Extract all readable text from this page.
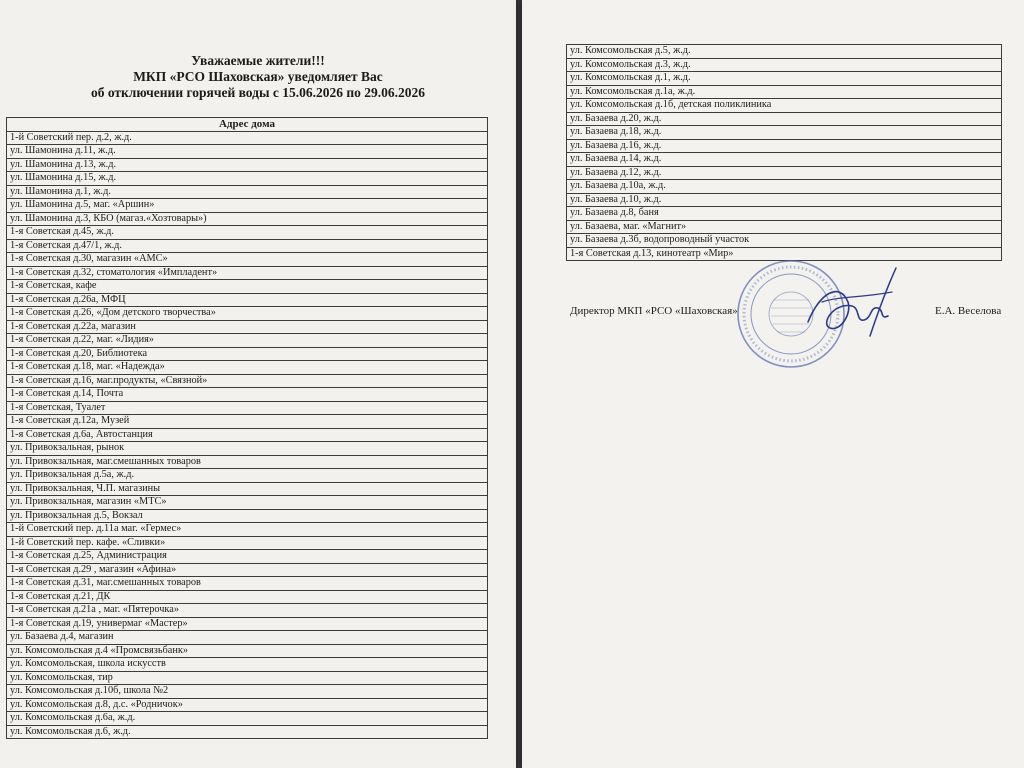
Уважаемые жители!!!
МКП «РСО Шаховская» уведомляет Вас
об отключении горячей воды с 15.06.2026 по 29.06.2026
Адрес дома
1-й Советский пер. д.2, ж.д.
ул. Шамонина д.11, ж.д.
ул. Шамонина д.13, ж.д.
ул. Шамонина д.15, ж.д.
ул. Шамонина д.1, ж.д.
ул. Шамонина д.5, маг. «Аршин»
ул. Шамонина д.3, КБО (магаз.«Хозтовары»)
1-я Советская д.45, ж.д.
1-я Советская д.47/1, ж.д.
1-я Советская д.30, магазин «АМС»
1-я Советская д.32, стоматология «Импладент»
1-я Советская, кафе
1-я Советская д.26а, МФЦ
1-я Советская д.26, «Дом детского творчества»
1-я Советская д.22а, магазин
1-я Советская д.22, маг. «Лидия»
1-я Советская д.20, Библиотека
1-я Советская д.18, маг. «Надежда»
1-я Советская д.16, маг.продукты, «Связной»
1-я Советская д.14, Почта
1-я Советская, Туалет
1-я Советская д.12а, Музей
1-я Советская д.6а, Автостанция
ул. Привокзальная, рынок
ул. Привокзальная, маг.смешанных товаров
ул. Привокзальная д.5а, ж.д.
ул. Привокзальная, Ч.П. магазины
ул. Привокзальная, магазин «МТС»
ул. Привокзальная д.5, Вокзал
1-й Советский пер. д.11а маг. «Гермес»
1-й Советский пер. кафе. «Сливки»
1-я Советская д.25, Администрация
1-я Советская д.29 , магазин «Афина»
1-я Советская д.31, маг.смешанных товаров
1-я Советская д.21, ДК
1-я Советская д.21а , маг. «Пятерочка»
1-я Советская д.19, универмаг «Мастер»
ул. Базаева д.4, магазин
ул. Комсомольская д.4 «Промсвязьбанк»
ул. Комсомольская, школа искусств
ул. Комсомольская, тир
ул. Комсомольская д.10б, школа №2
ул. Комсомольская д.8, д.с. «Родничок»
ул. Комсомольская д.6а, ж.д.
ул. Комсомольская д.6, ж.д.
ул. Комсомольская д.5, ж.д.
ул. Комсомольская д.3, ж.д.
ул. Комсомольская д.1, ж.д.
ул. Комсомольская д.1а, ж.д.
ул. Комсомольская д.1б, детская поликлиника
ул. Базаева д.20, ж.д.
ул. Базаева д.18, ж.д.
ул. Базаева д.16, ж.д.
ул. Базаева д.14, ж.д.
ул. Базаева д.12, ж.д.
ул. Базаева д.10а, ж.д.
ул. Базаева д.10, ж.д.
ул. Базаева д.8, баня
ул. Базаева, маг. «Магнит»
ул. Базаева д.3б, водопроводный участок
1-я Советская д.13, кинотеатр «Мир»
Директор МКП «РСО «Шаховская»	Е.А. Веселова
